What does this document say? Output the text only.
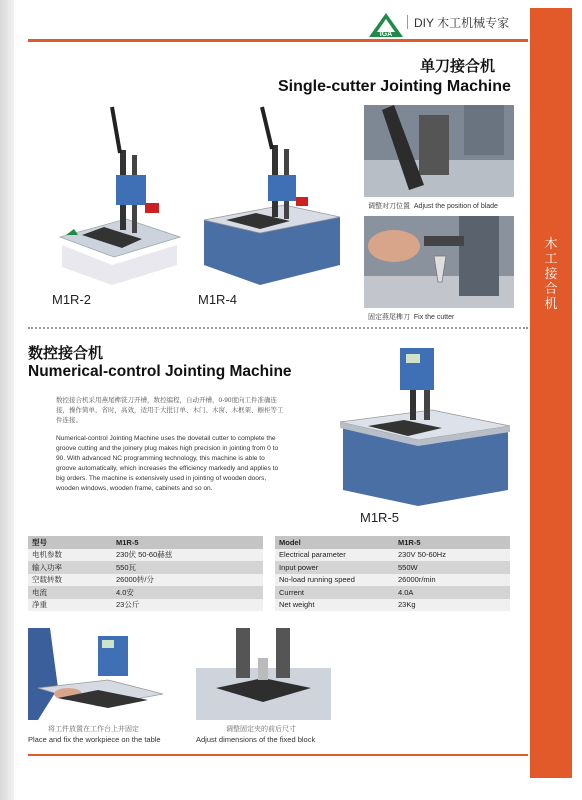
IGA
DIY 木工机械专家
木
工
接
合
机
单刀接合机
Single-cutter Jointing Machine
M1R-2	M1R-4
调整对刀位置 Adjust the position of blade
固定燕尾榫刀 Fix the cutter
数控接合机
Numerical-control Jointing Machine
数控接合机采用燕尾榫铣刀开槽，数控编程，自动开槽，0-90度向工件准确连接，操作简单，省时，高效，适用于大批订单、木门、木窗、木框架、橱柜等工件连接。
Numerical-control Jointing Machine uses the dovetail cutter to complete the groove cutting and the joinery plug makes high precision in jointing from 0 to 90. With advanced NC programming technology, this machine is able to groove automatically, which increases the efficiency markedly and applies to big orders. The machine is extensively used in jointing of wooden doors, wooden windows, wooden frame, cabinets and so on.
M1R-5
型号	M1R-5
电机参数	230伏 50-60赫兹
输入功率	550瓦
空载转数	26000转/分
电流	4.0安
净重	23公斤
Model	M1R-5
Electrical parameter	230V 50-60Hz
Input power	550W
No-load running speed	26000r/min
Current	4.0A
Net weight	23Kg
将工件放置在工作台上并固定
Place and fix the workpiece on the table
调整固定夹的前后尺寸
Adjust dimensions of the fixed block
